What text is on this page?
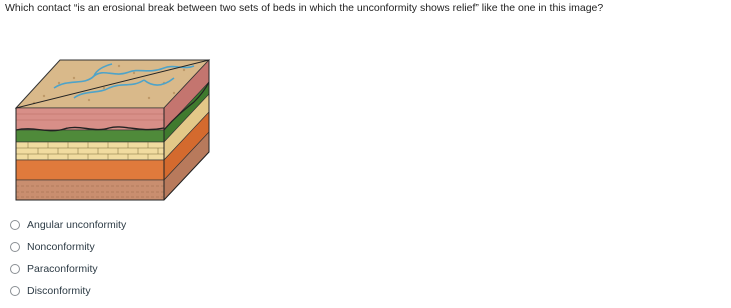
Which contact “is an erosional break between two sets of beds in which the unconformity shows relief” like the one in this image?
Angular unconformity
Nonconformity
Paraconformity
Disconformity
